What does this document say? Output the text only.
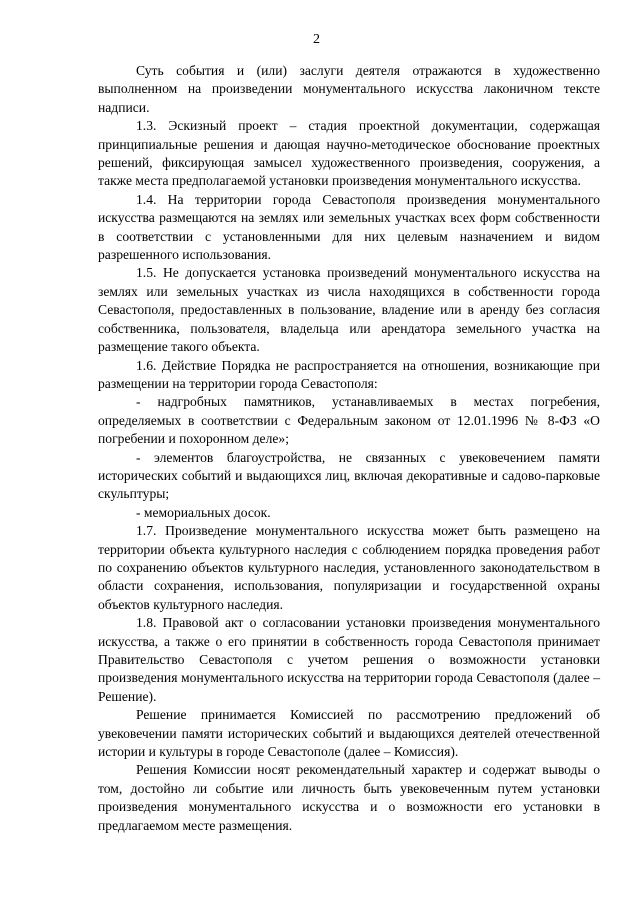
2

Суть события и (или) заслуги деятеля отражаются в художественно выполненном на произведении монументального искусства лаконичном тексте надписи.

1.3. Эскизный проект – стадия проектной документации, содержащая принципиальные решения и дающая научно-методическое обоснование проектных решений, фиксирующая замысел художественного произведения, сооружения, а также места предполагаемой установки произведения монументального искусства.

1.4. На территории города Севастополя произведения монументального искусства размещаются на землях или земельных участках всех форм собственности в соответствии с установленными для них целевым назначением и видом разрешенного использования.

1.5. Не допускается установка произведений монументального искусства на землях или земельных участках из числа находящихся в собственности города Севастополя, предоставленных в пользование, владение или в аренду без согласия собственника, пользователя, владельца или арендатора земельного участка на размещение такого объекта.

1.6. Действие Порядка не распространяется на отношения, возникающие при размещении на территории города Севастополя:

- надгробных памятников, устанавливаемых в местах погребения, определяемых в соответствии с Федеральным законом от 12.01.1996 № 8-ФЗ «О погребении и похоронном деле»;

- элементов благоустройства, не связанных с увековечением памяти исторических событий и выдающихся лиц, включая декоративные и садово-парковые скульптуры;

- мемориальных досок.

1.7. Произведение монументального искусства может быть размещено на территории объекта культурного наследия с соблюдением порядка проведения работ по сохранению объектов культурного наследия, установленного законодательством в области сохранения, использования, популяризации и государственной охраны объектов культурного наследия.

1.8. Правовой акт о согласовании установки произведения монументального искусства, а также о его принятии в собственность города Севастополя принимает Правительство Севастополя с учетом решения о возможности установки произведения монументального искусства на территории города Севастополя (далее – Решение).

Решение принимается Комиссией по рассмотрению предложений об увековечении памяти исторических событий и выдающихся деятелей отечественной истории и культуры в городе Севастополе (далее – Комиссия).

Решения Комиссии носят рекомендательный характер и содержат выводы о том, достойно ли событие или личность быть увековеченным путем установки произведения монументального искусства и о возможности его установки в предлагаемом месте размещения.
